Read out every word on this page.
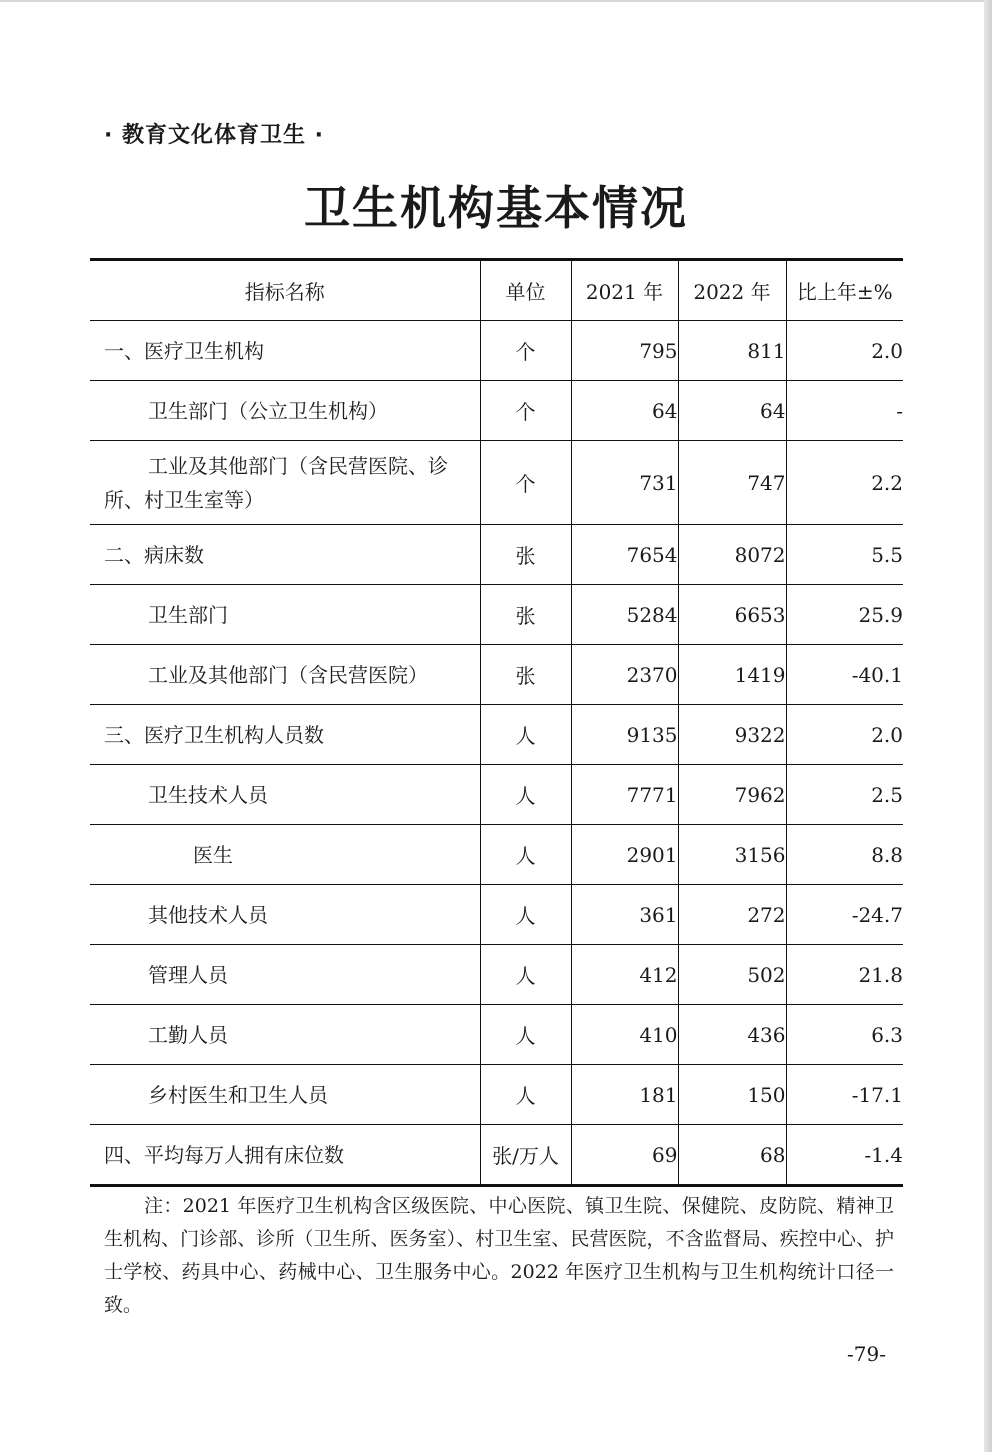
· 教育文化体育卫生 ·
卫生机构基本情况
指标名称	单位	2021 年	2022 年	比上年±%
一、医疗卫生机构	个	795	811	2.0
卫生部门（公立卫生机构）	个	64	64	-
工业及其他部门（含民营医院、诊所、村卫生室等）	个	731	747	2.2
二、病床数	张	7654	8072	5.5
卫生部门	张	5284	6653	25.9
工业及其他部门（含民营医院）	张	2370	1419	-40.1
三、医疗卫生机构人员数	人	9135	9322	2.0
卫生技术人员	人	7771	7962	2.5
医生	人	2901	3156	8.8
其他技术人员	人	361	272	-24.7
管理人员	人	412	502	21.8
工勤人员	人	410	436	6.3
乡村医生和卫生人员	人	181	150	-17.1
四、平均每万人拥有床位数	张/万人	69	68	-1.4
注：2021 年医疗卫生机构含区级医院、中心医院、镇卫生院、保健院、皮防院、精神卫生机构、门诊部、诊所（卫生所、医务室）、村卫生室、民营医院，不含监督局、疾控中心、护士学校、药具中心、药械中心、卫生服务中心。2022 年医疗卫生机构与卫生机构统计口径一致。
-79-
